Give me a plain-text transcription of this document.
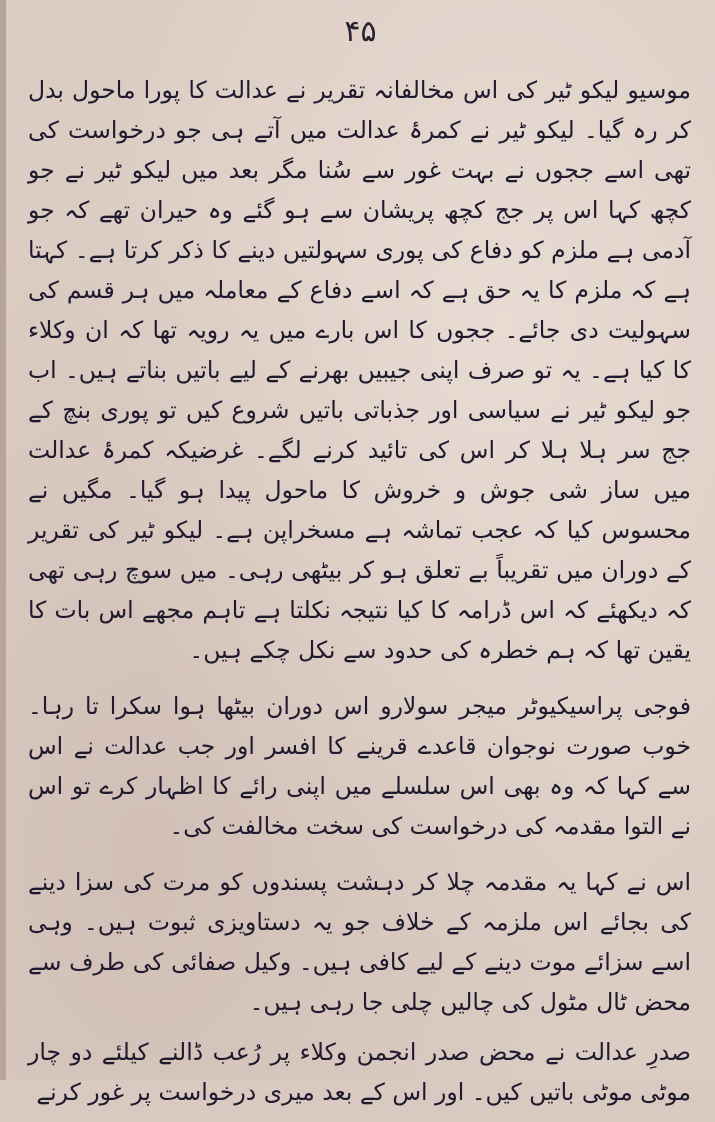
۴۵

موسیو لیکو ٹیر کی اس مخالفانہ تقریر نے عدالت کا پورا ماحول بدل کر رہ گیا۔ لیکو ٹیر نے کمرۂ عدالت میں آتے ہی جو درخواست کی تھی اسے ججوں نے بہت غور سے سُنا مگر بعد میں لیکو ٹیر نے جو کچھ کہا اس پر جج کچھ پریشان سے ہو گئے وہ حیران تھے کہ جو آدمی ہے ملزم کو دفاع کی پوری سہولتیں دینے کا ذکر کرتا ہے۔ کہتا ہے کہ ملزم کا یہ حق ہے کہ اسے دفاع کے معاملہ میں ہر قسم کی سہولیت دی جائے۔ ججوں کا اس بارے میں یہ رویہ تھا کہ ان وکلاء کا کیا ہے۔ یہ تو صرف اپنی جیبیں بھرنے کے لیے باتیں بناتے ہیں۔ اب جو لیکو ٹیر نے سیاسی اور جذباتی باتیں شروع کیں تو پوری بنچ کے جج سر ہلا ہلا کر اس کی تائید کرنے لگے۔ غرضیکہ کمرۂ عدالت میں ساز شی جوش و خروش کا ماحول پیدا ہو گیا۔ مگیں نے محسوس کیا کہ عجب تماشہ ہے مسخراپن ہے۔ لیکو ٹیر کی تقریر کے دوران میں تقریباً بے تعلق ہو کر بیٹھی رہی۔ میں سوچ رہی تھی کہ دیکھئے کہ اس ڈرامہ کا کیا نتیجہ نکلتا ہے تاہم مجھے اس بات کا یقین تھا کہ ہم خطرہ کی حدود سے نکل چکے ہیں۔

فوجی پراسیکیوٹر میجر سولارو اس دوران بیٹھا ہوا سکرا تا رہا۔ خوب صورت نوجوان قاعدے قرینے کا افسر اور جب عدالت نے اس سے کہا کہ وہ بھی اس سلسلے میں اپنی رائے کا اظہار کرے تو اس نے التوا مقدمہ کی درخواست کی سخت مخالفت کی۔

اس نے کہا یہ مقدمہ چلا کر دہشت پسندوں کو مرت کی سزا دینے کی بجائے اس ملزمہ کے خلاف جو یہ دستاویزی ثبوت ہیں۔ وہی اسے سزائے موت دینے کے لیے کافی ہیں۔ وکیل صفائی کی طرف سے محض ٹال مٹول کی چالیں چلی جا رہی ہیں۔

صدرِ عدالت نے محض صدر انجمن وکلاء پر رُعب ڈالنے کیلئے دو چار موٹی موٹی باتیں کیں۔ اور اس کے بعد میری درخواست پر غور کرنے
